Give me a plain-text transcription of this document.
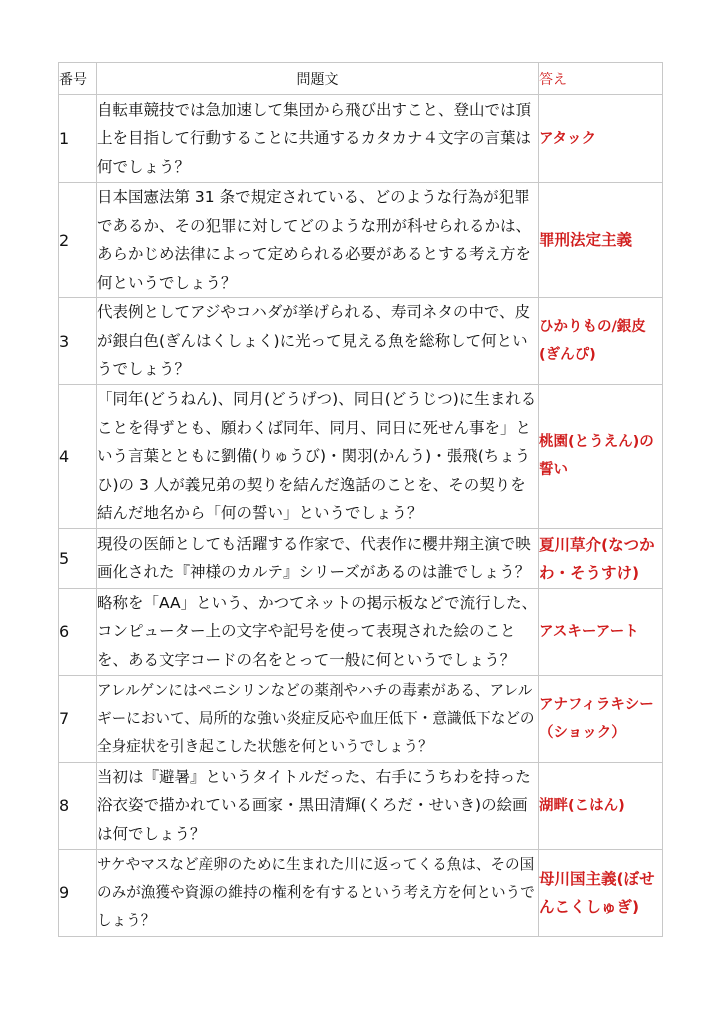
番号	問題文	答え
1	自転車競技では急加速して集団から飛び出すこと、登山では頂上を目指して行動することに共通するカタカナ４文字の言葉は何でしょう？	アタック
2	日本国憲法第 31 条で規定されている、どのような行為が犯罪であるか、その犯罪に対してどのような刑が科せられるかは、あらかじめ法律によって定められる必要があるとする考え方を何というでしょう？	罪刑法定主義
3	代表例としてアジやコハダが挙げられる、寿司ネタの中で、皮が銀白色(ぎんはくしょく)に光って見える魚を総称して何というでしょう？	ひかりもの/銀皮(ぎんぴ)
4	「同年(どうねん)、同月(どうげつ)、同日(どうじつ)に生まれることを得ずとも、願わくば同年、同月、同日に死せん事を」という言葉とともに劉備(りゅうび)・関羽(かんう)・張飛(ちょうひ)の 3 人が義兄弟の契りを結んだ逸話のことを、その契りを結んだ地名から「何の誓い」というでしょう？	桃園(とうえん)の誓い
5	現役の医師としても活躍する作家で、代表作に櫻井翔主演で映画化された『神様のカルテ』シリーズがあるのは誰でしょう？	夏川草介(なつかわ・そうすけ)
6	略称を「AA」という、かつてネットの掲示板などで流行した、コンピューター上の文字や記号を使って表現された絵のことを、ある文字コードの名をとって一般に何というでしょう？	アスキーアート
7	アレルゲンにはペニシリンなどの薬剤やハチの毒素がある、アレルギーにおいて、局所的な強い炎症反応や血圧低下・意識低下などの全身症状を引き起こした状態を何というでしょう？	アナフィラキシー（ショック）
8	当初は『避暑』というタイトルだった、右手にうちわを持った浴衣姿で描かれている画家・黒田清輝(くろだ・せいき)の絵画は何でしょう？	湖畔(こはん)
9	サケやマスなど産卵のために生まれた川に返ってくる魚は、その国のみが漁獲や資源の維持の権利を有するという考え方を何というでしょう？	母川国主義(ぼせんこくしゅぎ)
